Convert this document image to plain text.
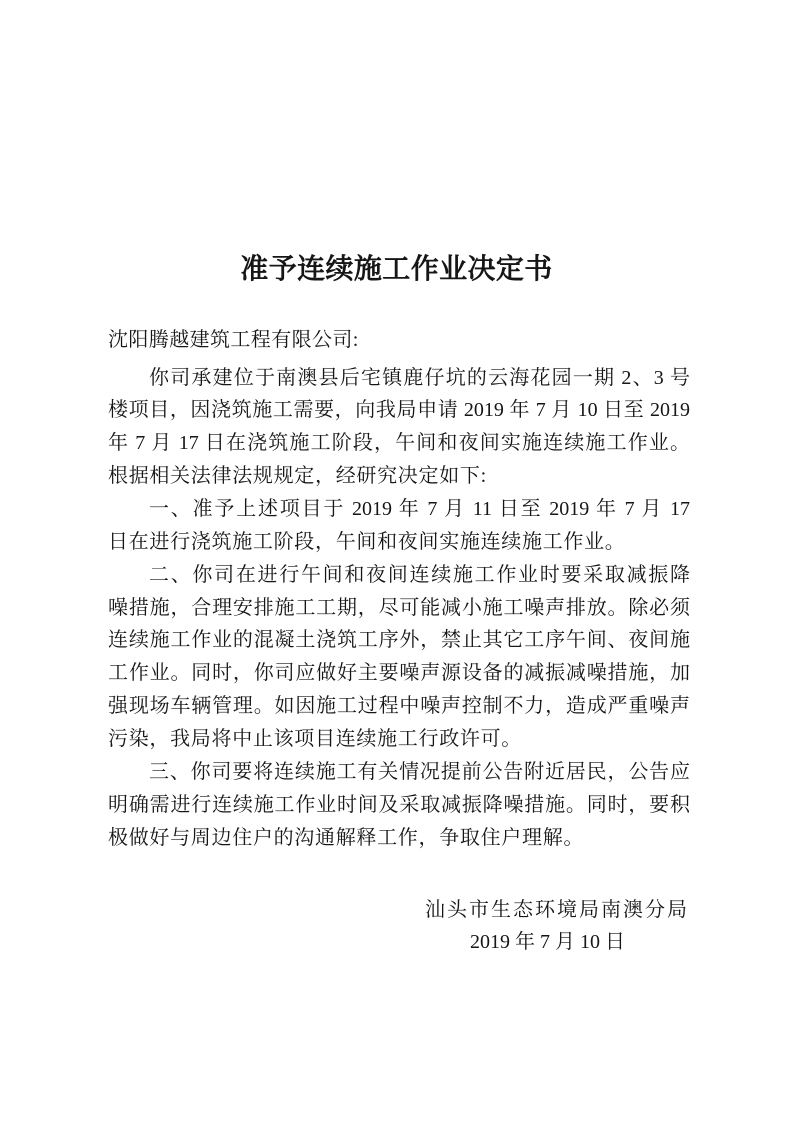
准予连续施工作业决定书
沈阳腾越建筑工程有限公司:
你司承建位于南澳县后宅镇鹿仔坑的云海花园一期 2、3 号
楼项目，因浇筑施工需要，向我局申请 2019 年 7 月 10 日至 2019
年 7 月 17 日在浇筑施工阶段，午间和夜间实施连续施工作业。
根据相关法律法规规定，经研究决定如下:
一、准予上述项目于 2019 年 7 月 11 日至 2019 年 7 月 17
日在进行浇筑施工阶段，午间和夜间实施连续施工作业。
二、你司在进行午间和夜间连续施工作业时要采取减振降
噪措施，合理安排施工工期，尽可能减小施工噪声排放。除必须
连续施工作业的混凝土浇筑工序外，禁止其它工序午间、夜间施
工作业。同时，你司应做好主要噪声源设备的减振减噪措施，加
强现场车辆管理。如因施工过程中噪声控制不力，造成严重噪声
污染，我局将中止该项目连续施工行政许可。
三、你司要将连续施工有关情况提前公告附近居民，公告应
明确需进行连续施工作业时间及采取减振降噪措施。同时，要积
极做好与周边住户的沟通解释工作，争取住户理解。
汕头市生态环境局南澳分局
2019 年 7 月 10 日
